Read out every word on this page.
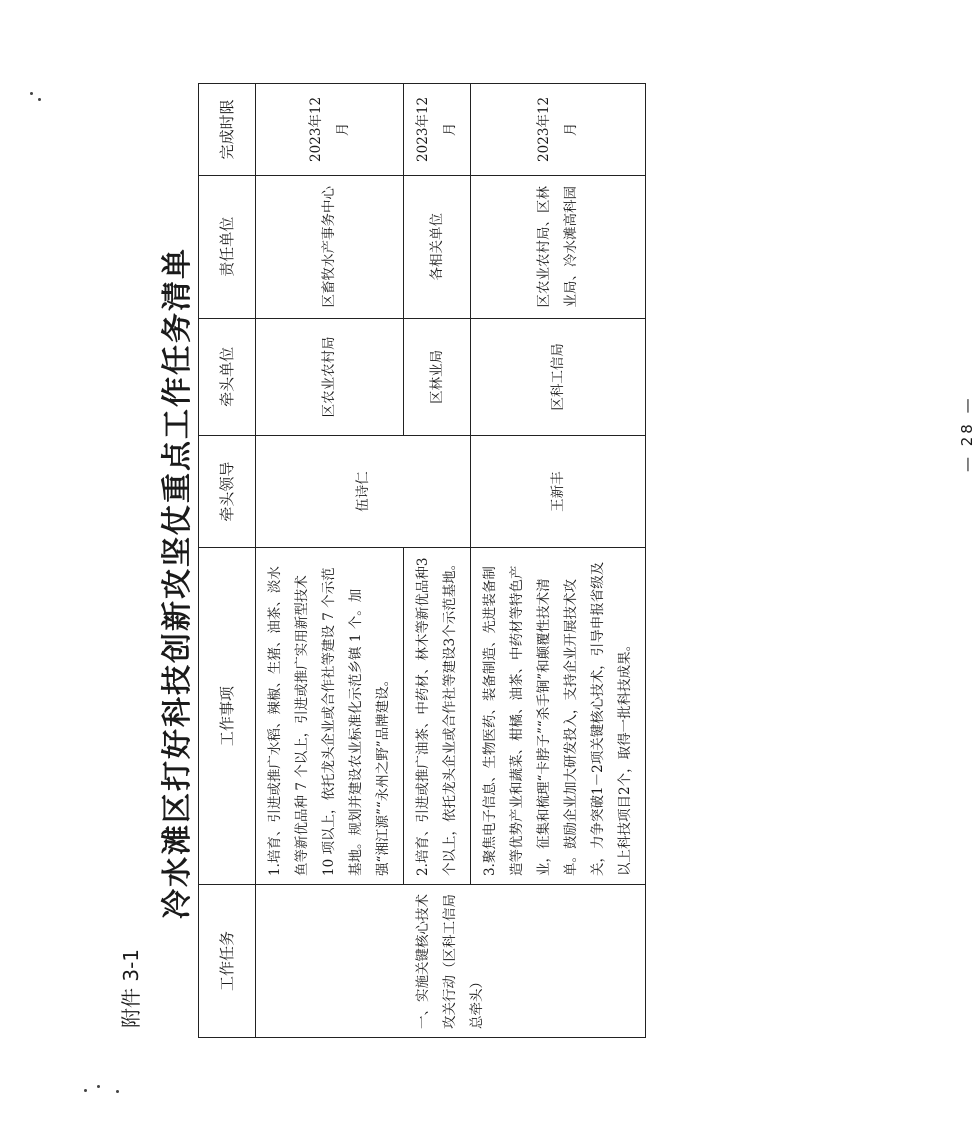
附件 3-1
冷水滩区打好科技创新攻坚仗重点工作任务清单
工作任务	工作事项	牵头领导	牵头单位	责任单位	完成时限
一、实施关键核心技术攻关行动（区科工信局总牵头）	1.培育、引进或推广水稻、辣椒、生猪、油茶、淡水鱼等新优品种 7 个以上，引进或推广实用新型技术 10 项以上，依托龙头企业或合作社等建设 7 个示范基地。规划并建设农业标准化示范乡镇 1 个。加强“湘江源”“永州之野”品牌建设。	伍诗仁	区农业农村局	区畜牧水产事务中心	2023年12月
	2.培育、引进或推广油茶、中药材、林木等新优品种3个以上，依托龙头企业或合作社等建设3个示范基地。		区林业局	各相关单位	2023年12月
	3.聚焦电子信息、生物医药、装备制造、先进装备制造等优势产业和蔬菜、柑橘、油茶、中药材等特色产业，征集和梳理“卡脖子”“杀手锏”和颠覆性技术清单。鼓励企业加大研发投入，支持企业开展技术攻关，力争突破1－2项关键核心技术，引导申报省级及以上科技项目2个，取得一批科技成果。	王新丰	区科工信局	区农业农村局、区林业局、冷水滩高科园	2023年12月
— 28 —
